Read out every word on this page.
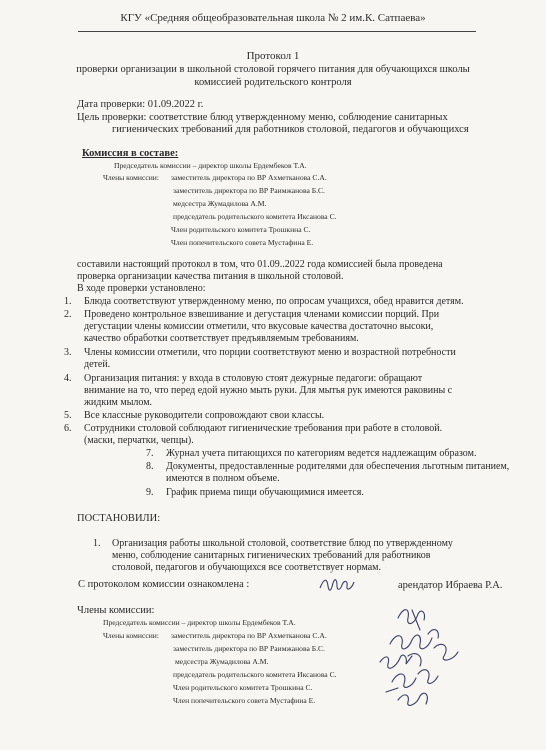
КГУ «Средняя общеобразовательная школа № 2 им.К. Сатпаева»
Протокол 1
проверки организации в школьной столовой горячего питания для обучающихся школы
комиссией родительского контроля
Дата проверки: 01.09.2022 г.
Цель проверки: соответствие блюд утвержденному меню, соблюдение санитарных
гигиенических требований для работников столовой, педагогов и обучающихся
Комиссия в составе:
Председатель комиссии – директор школы Ердембеков Т.А.
Члены комиссии: заместитель директора по ВР Ахметканова С.А.
заместитель директора по ВР Раимжанова Б.С.
медсестра Жумадилова А.М.
председатель родительского комитета Иксанова С.
Член родительского комитета Трошкина С.
Член попечительского совета Мустафина Е.
составили настоящий протокол в том, что 01.09..2022 года комиссией была проведена
проверка организации качества питания в школьной столовой.
В ходе проверки установлено:
1. Блюда соответствуют утвержденному меню, по опросам учащихся, обед нравится детям.
2. Проведено контрольное взвешивание и дегустация членами комиссии порций. При
дегустации члены комиссии отметили, что вкусовые качества достаточно высоки,
качество обработки соответствует предъявляемым требованиям.
3. Члены комиссии отметили, что порции соответствуют меню и возрастной потребности
детей.
4. Организация питания: у входа в столовую стоят дежурные педагоги: обращают
внимание на то, что перед едой нужно мыть руки. Для мытья рук имеются раковины с
жидким мылом.
5. Все классные руководители сопровождают свои классы.
6. Сотрудники столовой соблюдают гигиенические требования при работе в столовой.
(маски, перчатки, чепцы).
7. Журнал учета питающихся по категориям ведется надлежащим образом.
8. Документы, предоставленные родителями для обеспечения льготным питанием,
имеются в полном объеме.
9. График приема пищи обучающимися имеется.
ПОСТАНОВИЛИ:
1. Организация работы школьной столовой, соответствие блюд по утвержденному
меню, соблюдение санитарных гигиенических требований для работников
столовой, педагогов и обучающихся все соответствует нормам.
С протоколом комиссии ознакомлена :	арендатор Ибраева Р.А.
Члены комиссии:
Председатель комиссии – директор школы Ердембеков Т.А.
Члены комиссии: заместитель директора по ВР Ахметканова С.А.
заместитель директора по ВР Раимжанова Б.С.
медсестра Жумадилова А.М.
председатель родительского комитета Иксанова С.
Член родительского комитета Трошкина С.
Член попечительского совета Мустафина Е.
